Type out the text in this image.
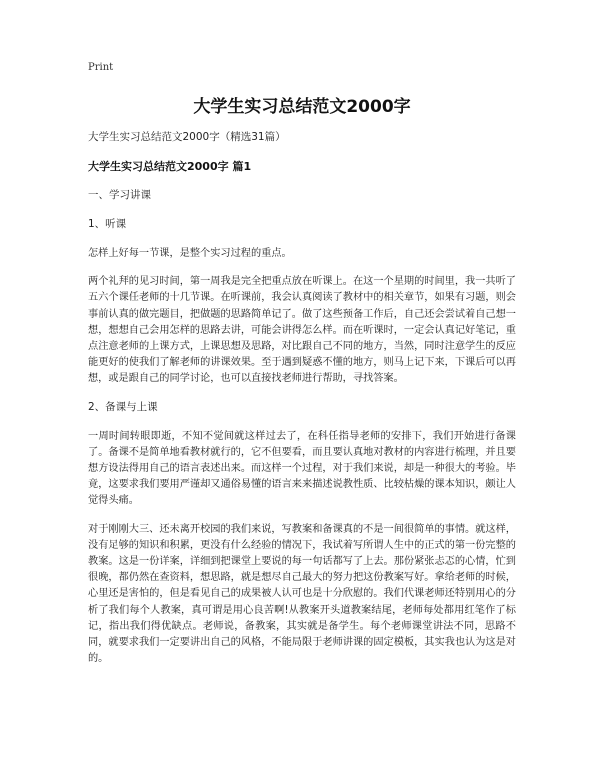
Print
大学生实习总结范文2000字

大学生实习总结范文2000字（精选31篇）

大学生实习总结范文2000字 篇1

一、学习讲课

1、听课

怎样上好每一节课，是整个实习过程的重点。

两个礼拜的见习时间，第一周我是完全把重点放在听课上。在这一个星期的时间里，我一共听了五六个课任老师的十几节课。在听课前，我会认真阅读了教材中的相关章节，如果有习题，则会事前认真的做完题目，把做题的思路简单记了。做了这些预备工作后，自己还会尝试着自己想一想，想想自己会用怎样的思路去讲，可能会讲得怎么样。而在听课时，一定会认真记好笔记，重点注意老师的上课方式，上课思想及思路，对比跟自己不同的地方，当然，同时注意学生的反应能更好的使我们了解老师的讲课效果。至于遇到疑惑不懂的地方，则马上记下来，下课后可以再想，或是跟自己的同学讨论，也可以直接找老师进行帮助，寻找答案。

2、备课与上课

一周时间转眼即逝，不知不觉间就这样过去了，在科任指导老师的安排下，我们开始进行备课了。备课不是简单地看教材就行的，它不但要看，而且要认真地对教材的内容进行梳理，并且要想方设法得用自己的语言表述出来。而这样一个过程，对于我们来说，却是一种很大的考验。毕竟，这要求我们要用严谨却又通俗易懂的语言来来描述说教性质、比较枯燥的课本知识，颇让人觉得头痛。

对于刚刚大三、还未离开校园的我们来说，写教案和备课真的不是一间很简单的事情。就这样，没有足够的知识和积累，更没有什么经验的情况下，我试着写所谓人生中的正式的第一份完整的教案。这是一份详案，详细到把课堂上要说的每一句话都写了上去。那份紧张忐忑的心情，忙到很晚，都仍然在查资料，想思路，就是想尽自己最大的努力把这份教案写好。拿给老师的时候，心里还是害怕的，但是看见自己的成果被人认可也是十分欣慰的。我们代课老师还特别用心的分析了我们每个人教案，真可谓是用心良苦啊!从教案开头道教案结尾，老师每处都用红笔作了标记，指出我们得优缺点。老师说，备教案，其实就是备学生。每个老师课堂讲法不同，思路不同，就要求我们一定要讲出自己的风格，不能局限于老师讲课的固定模板，其实我也认为这是对的。
